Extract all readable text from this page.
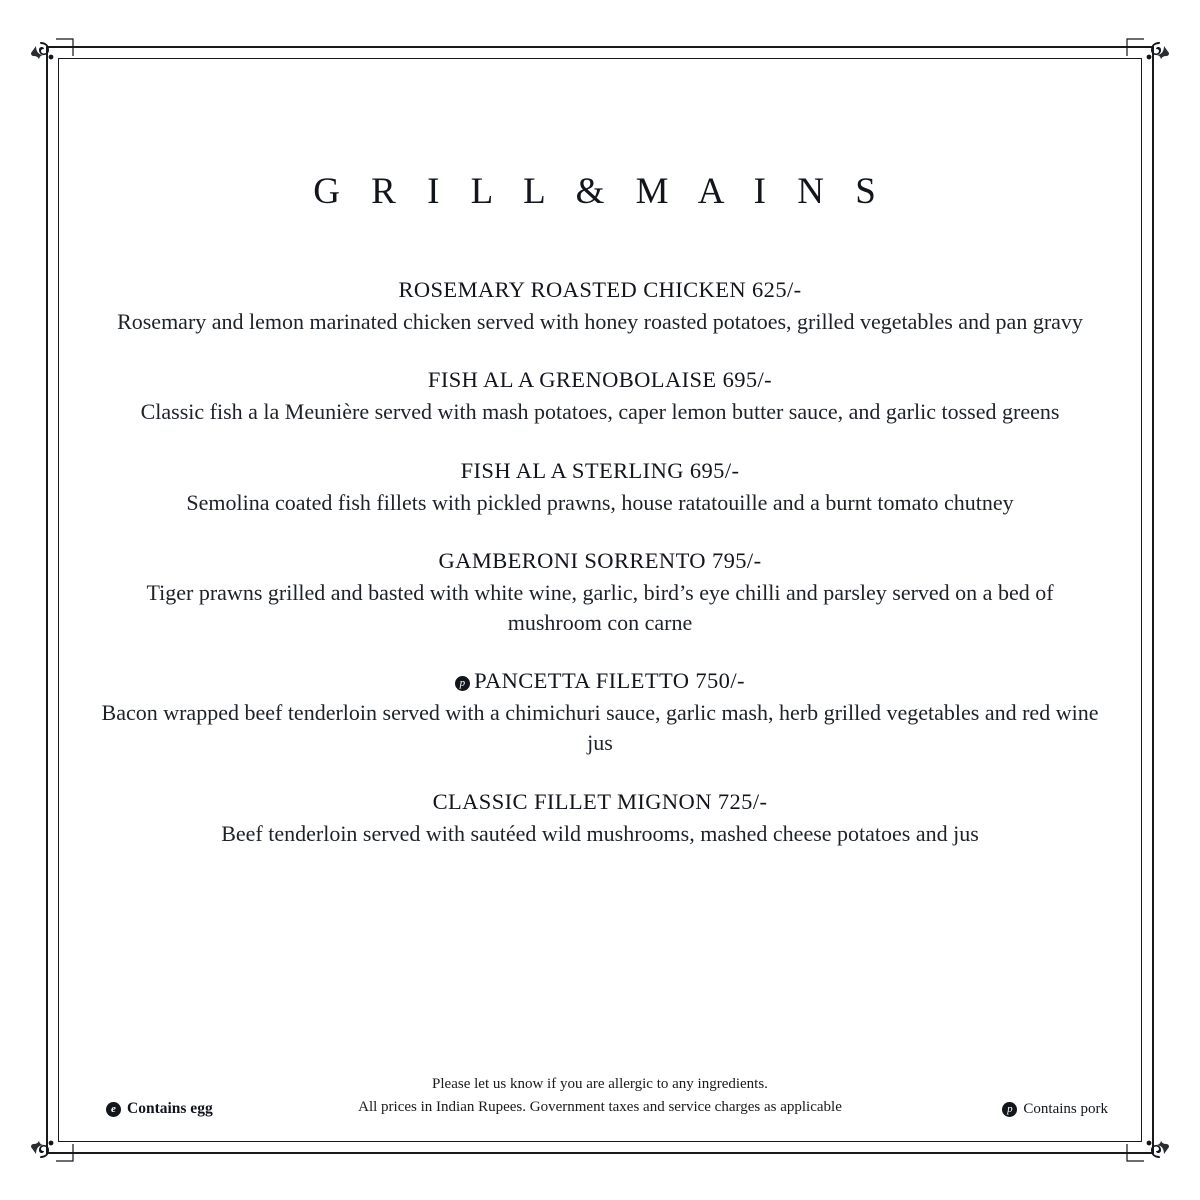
G R I L L & M A I N S
ROSEMARY ROASTED CHICKEN 625/-
Rosemary and lemon marinated chicken served with honey roasted potatoes, grilled vegetables and pan gravy
FISH AL A GRENOBOLAISE 695/-
Classic fish a la Meunière served with mash potatoes, caper lemon butter sauce, and garlic tossed greens
FISH AL A STERLING 695/-
Semolina coated fish fillets with pickled prawns, house ratatouille and a burnt tomato chutney
GAMBERONI SORRENTO 795/-
Tiger prawns grilled and basted with white wine, garlic, bird’s eye chilli and parsley served on a bed of mushroom con carne
p PANCETTA FILETTO 750/-
Bacon wrapped beef tenderloin served with a chimichuri sauce, garlic mash, herb grilled vegetables and red wine jus
CLASSIC FILLET MIGNON 725/-
Beef tenderloin served with sautéed wild mushrooms, mashed cheese potatoes and jus
Please let us know if you are allergic to any ingredients.
All prices in Indian Rupees. Government taxes and service charges as applicable
e Contains egg	p Contains pork
